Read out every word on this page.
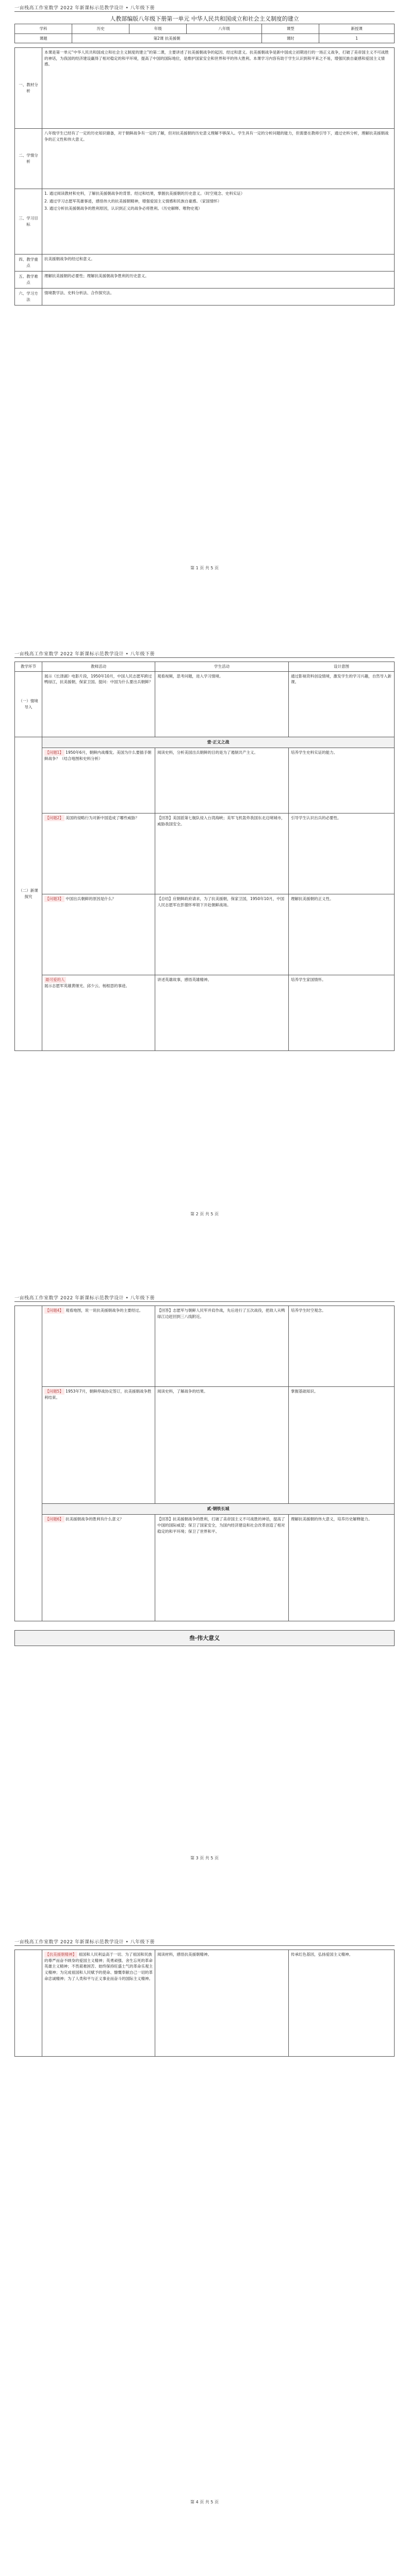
一亩栈高工作室数学 2022 年新课标示范教学设计 • 八年级下册
人教部编版八年级下册第一单元 中华人民共和国成立和社会主义制度的建立
学科	历史	年级	八年级	课型	新授课
课题	第2课 抗美援朝			课时	1
一、教材分析	本课是第一单元“中华人民共和国成立和社会主义制度的建立”的第二课，主要讲述了抗美援朝战争的起因、经过和意义。抗美援朝战争是新中国成立初期进行的一场正义战争，打破了美帝国主义不可战胜的神话，为我国的经济建设赢得了相对稳定的和平环境，提高了中国的国际地位，是维护国家安全和世界和平的伟大胜利。本课学习内容有助于学生认识到和平来之不易，增强民族自豪感和爱国主义情感。
二、学情分析	八年级学生已经有了一定的历史知识储备，对于朝鲜战争有一定的了解，但对抗美援朝的历史意义理解不够深入。学生具有一定的分析问题的能力，但需要在教师引导下，通过史料分析，理解抗美援朝战争的正义性和伟大意义。
三、学习目标	1. 通过阅读教材和史料，了解抗美援朝战争的背景、经过和结果，掌握抗美援朝的历史意义。（时空观念、史料实证）
2. 通过学习志愿军英雄事迹，感悟伟大的抗美援朝精神，增强爱国主义情感和民族自豪感。（家国情怀）
3. 通过分析抗美援朝战争的胜利原因，认识到正义的战争必将胜利。（历史解释、唯物史观）

四、教学重点	抗美援朝战争的经过和意义。
五、教学难点	理解抗美援朝的必要性；理解抗美援朝战争胜利的历史意义。
六、学习方法	情境教学法、史料分析法、合作探究法。
第 1 页 共 5 页
一亩栈高工作室数学 2022 年新课标示范教学设计 • 八年级下册
教学环节	教师活动	学生活动	设计意图
（一）情境导入	展示《长津湖》电影片段，1950年10月，中国人民志愿军跨过鸭绿江，抗美援朝，保家卫国。提问：中国为什么要出兵朝鲜？	观看视频，思考问题，进入学习情境。	通过影视资料创设情境，激发学生的学习兴趣，自然导入新课。
（二）新课探究	壹·正义之战		
	【问题1】 1950年6月，朝鲜内战爆发。美国为什么要插手朝鲜战争？（结合地图和史料分析）	阅读史料，分析美国出兵朝鲜的目的是为了遏制共产主义。	培养学生史料实证的能力。
	【问题2】 美国的侵略行为对新中国造成了哪些威胁？	【回答】美国派第七舰队侵入台湾海峡；美军飞机轰炸我国东北边境城市，威胁我国安全。	引导学生认识出兵的必要性。
	【问题3】 中国出兵朝鲜的原因是什么？	【总结】应朝鲜政府请求，为了抗美援朝，保家卫国，1950年10月，中国人民志愿军在彭德怀率领下开赴朝鲜战场。	理解抗美援朝的正义性。
	最可爱的人
展示志愿军英雄黄继光、邱少云、杨根思的事迹。	讲述英雄故事，感悟英雄精神。	培养学生家国情怀。
第 2 页 共 5 页
一亩栈高工作室数学 2022 年新课标示范教学设计 • 八年级下册
	【问题4】 观看地图，说一说抗美援朝战争的主要经过。	【回答】志愿军与朝鲜人民军并肩作战，先后进行了五次战役，把敌人从鸭绿江边赶回到三八线附近。	培养学生时空观念。
	【问题5】 1953年7月，朝鲜停战协定签订，抗美援朝战争胜利结束。	阅读史料，了解战争的结果。	掌握基础知识。
	贰·钢铁长城		
	【问题6】 抗美援朝战争的胜利有什么意义？	【回答】抗美援朝战争的胜利，打破了美帝国主义不可战胜的神话，提高了中国的国际威望；保卫了国家安全，为国内经济建设和社会改革创造了相对稳定的和平环境；保卫了世界和平。	理解抗美援朝的伟大意义，培养历史解释能力。
叁·伟大意义
第 3 页 共 5 页
一亩栈高工作室数学 2022 年新课标示范教学设计 • 八年级下册
	【抗美援朝精神】 祖国和人民利益高于一切、为了祖国和民族的尊严而奋不顾身的爱国主义精神；英勇顽强、舍生忘死的革命英雄主义精神；不畏艰难困苦、始终保持旺盛士气的革命乐观主义精神；为完成祖国和人民赋予的使命、慷慨奉献自己一切的革命忠诚精神；为了人类和平与正义事业而奋斗的国际主义精神。	阅读材料，感悟抗美援朝精神。	传承红色基因，弘扬爱国主义精神。
第 4 页 共 5 页
